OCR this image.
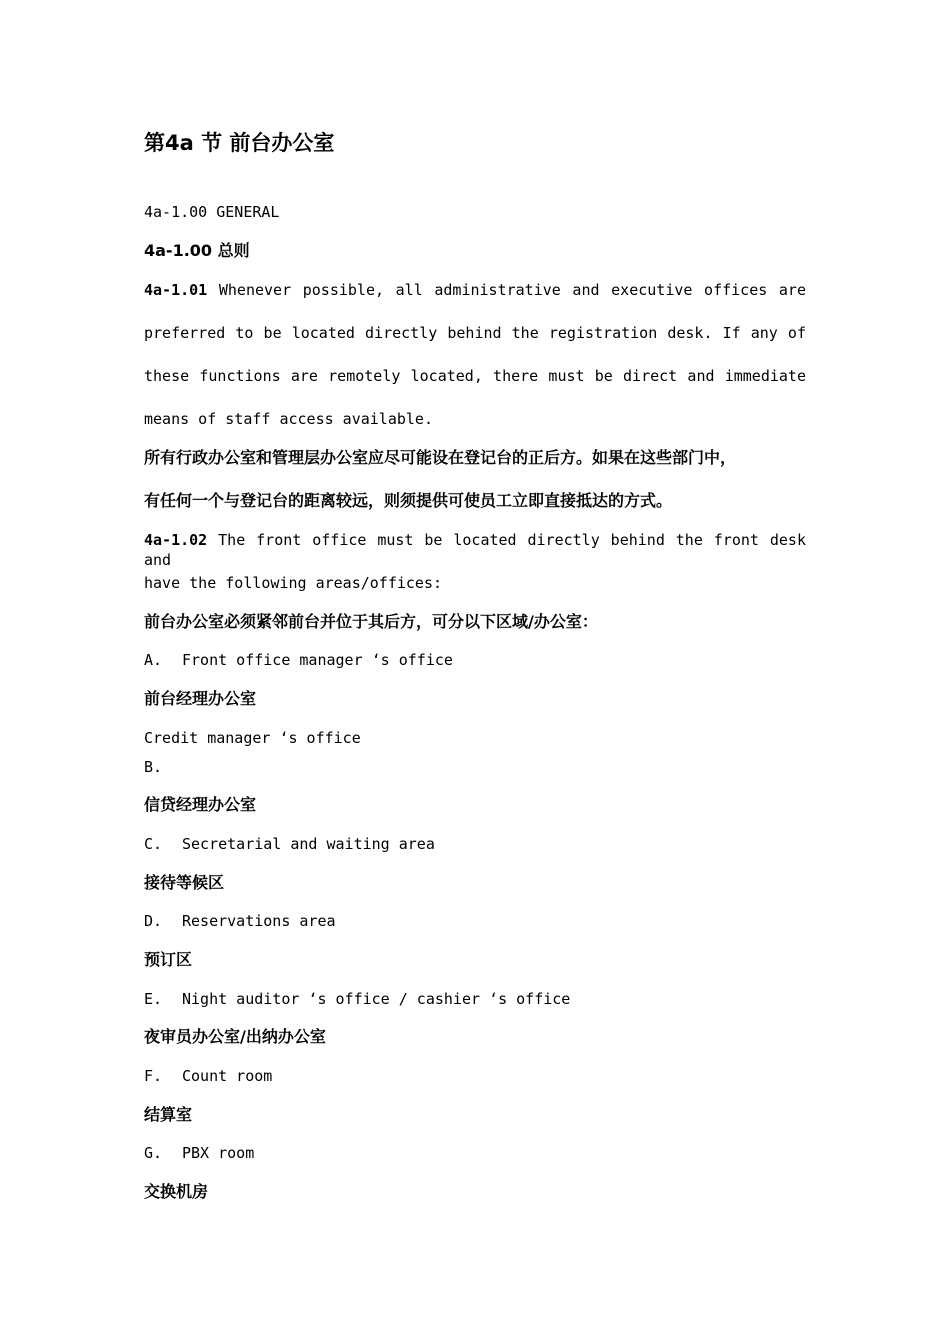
第4a 节 前台办公室
4a-1.00 GENERAL
4a-1.00 总则
4a-1.01 Whenever possible, all administrative and executive offices are
preferred to be located directly behind the registration desk. If any of
these functions are remotely located, there must be direct and immediate
means of staff access available.
所有行政办公室和管理层办公室应尽可能设在登记台的正后方。如果在这些部门中，
有任何一个与登记台的距离较远，则须提供可使员工立即直接抵达的方式。
4a-1.02 The front office must be located directly behind the front desk and
have the following areas/offices:
前台办公室必须紧邻前台并位于其后方，可分以下区域/办公室：
A. Front office manager ‘s office
前台经理办公室
Credit manager ‘s office
B.
信贷经理办公室
C. Secretarial and waiting area
接待等候区
D. Reservations area
预订区
E. Night auditor ‘s office / cashier ‘s office
夜审员办公室/出纳办公室
F. Count room
结算室
G. PBX room
交换机房
